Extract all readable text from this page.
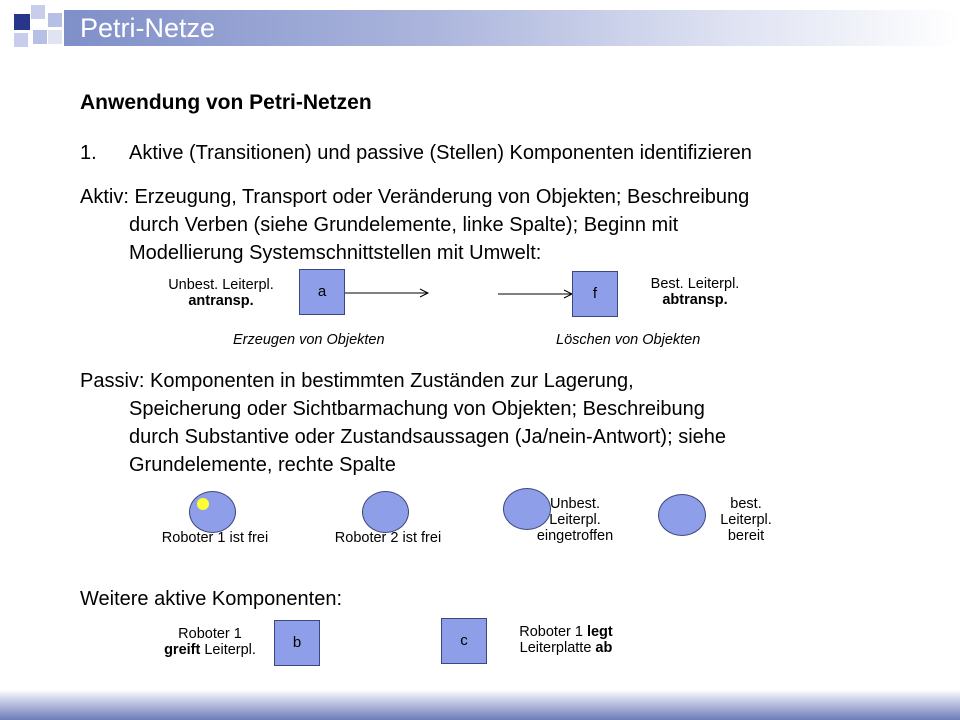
Petri-Netze
Anwendung von Petri-Netzen
1. Aktive (Transitionen) und passive (Stellen) Komponenten identifizieren
Aktiv: Erzeugung, Transport oder Veränderung von Objekten; Beschreibung
durch Verben (siehe Grundelemente, linke Spalte); Beginn mit
Modellierung Systemschnittstellen mit Umwelt:
Unbest. Leiterpl.
antransp.
a	f
Best. Leiterpl.
abtransp.
Erzeugen von Objekten	Löschen von Objekten
Passiv: Komponenten in bestimmten Zuständen zur Lagerung,
Speicherung oder Sichtbarmachung von Objekten; Beschreibung
durch Substantive oder Zustandsaussagen (Ja/nein-Antwort); siehe
Grundelemente, rechte Spalte
Roboter 1 ist frei	Roboter 2 ist frei
Unbest.
Leiterpl.
eingetroffen
best.
Leiterpl.
bereit
Weitere aktive Komponenten:
Roboter 1
greift Leiterpl.	b	c	Roboter 1 legt
Leiterplatte ab
